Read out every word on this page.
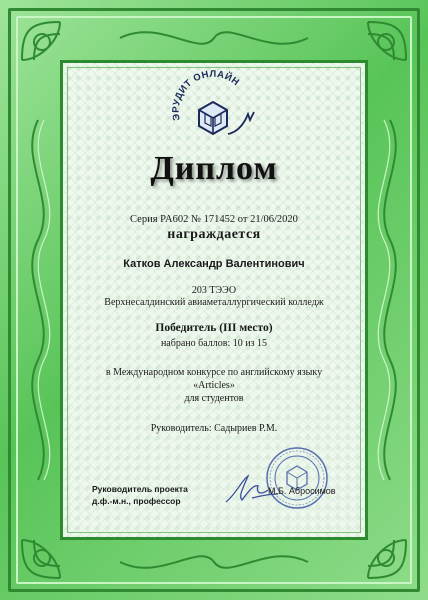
ЭРУДИТ ОНЛАЙН
Диплом
Серия PA602 № 171452 от 21/06/2020
награждается
Катков Александр Валентинович
203 ТЭЭО
Верхнесалдинский авиаметаллургический колледж
Победитель (III место)
набрано баллов: 10 из 15
в Международном конкурсе по английскому языку
«Articles»
для студентов
Руководитель: Садыриев Р.М.
Руководитель проекта
д.ф.-м.н., профессор
М.Б. Абросимов
